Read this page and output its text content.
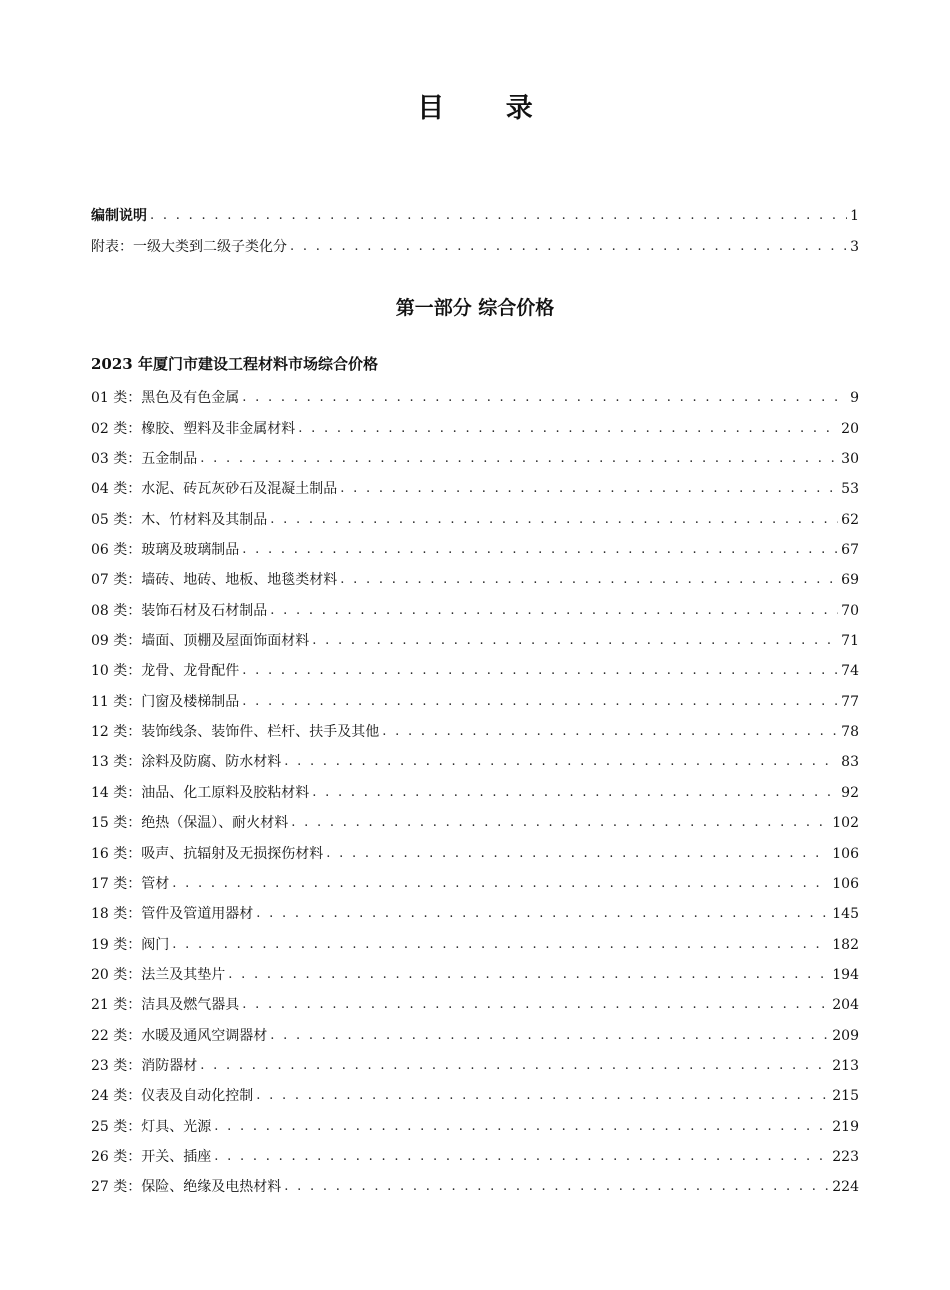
目 录
编制说明 . . .	1
附表：一级大类到二级子类化分 . . .	3
第一部分 综合价格
2023 年厦门市建设工程材料市场综合价格
01 类：黑色及有色金属 . . .	9
02 类：橡胶、塑料及非金属材料 . . .	20
03 类：五金制品 . . .	30
04 类：水泥、砖瓦灰砂石及混凝土制品 . . .	53
05 类：木、竹材料及其制品 . . .	62
06 类：玻璃及玻璃制品 . . .	67
07 类：墙砖、地砖、地板、地毯类材料 . . .	69
08 类：装饰石材及石材制品 . . .	70
09 类：墙面、顶棚及屋面饰面材料 . . .	71
10 类：龙骨、龙骨配件 . . .	74
11 类：门窗及楼梯制品 . . .	77
12 类：装饰线条、装饰件、栏杆、扶手及其他 . . .	78
13 类：涂料及防腐、防水材料 . . .	83
14 类：油品、化工原料及胶粘材料 . . .	92
15 类：绝热（保温）、耐火材料 . . .	102
16 类：吸声、抗辐射及无损探伤材料 . . .	106
17 类：管材 . . .	106
18 类：管件及管道用器材 . . .	145
19 类：阀门 . . .	182
20 类：法兰及其垫片 . . .	194
21 类：洁具及燃气器具 . . .	204
22 类：水暖及通风空调器材 . . .	209
23 类：消防器材 . . .	213
24 类：仪表及自动化控制 . . .	215
25 类：灯具、光源 . . .	219
26 类：开关、插座 . . .	223
27 类：保险、绝缘及电热材料 . . .	224
